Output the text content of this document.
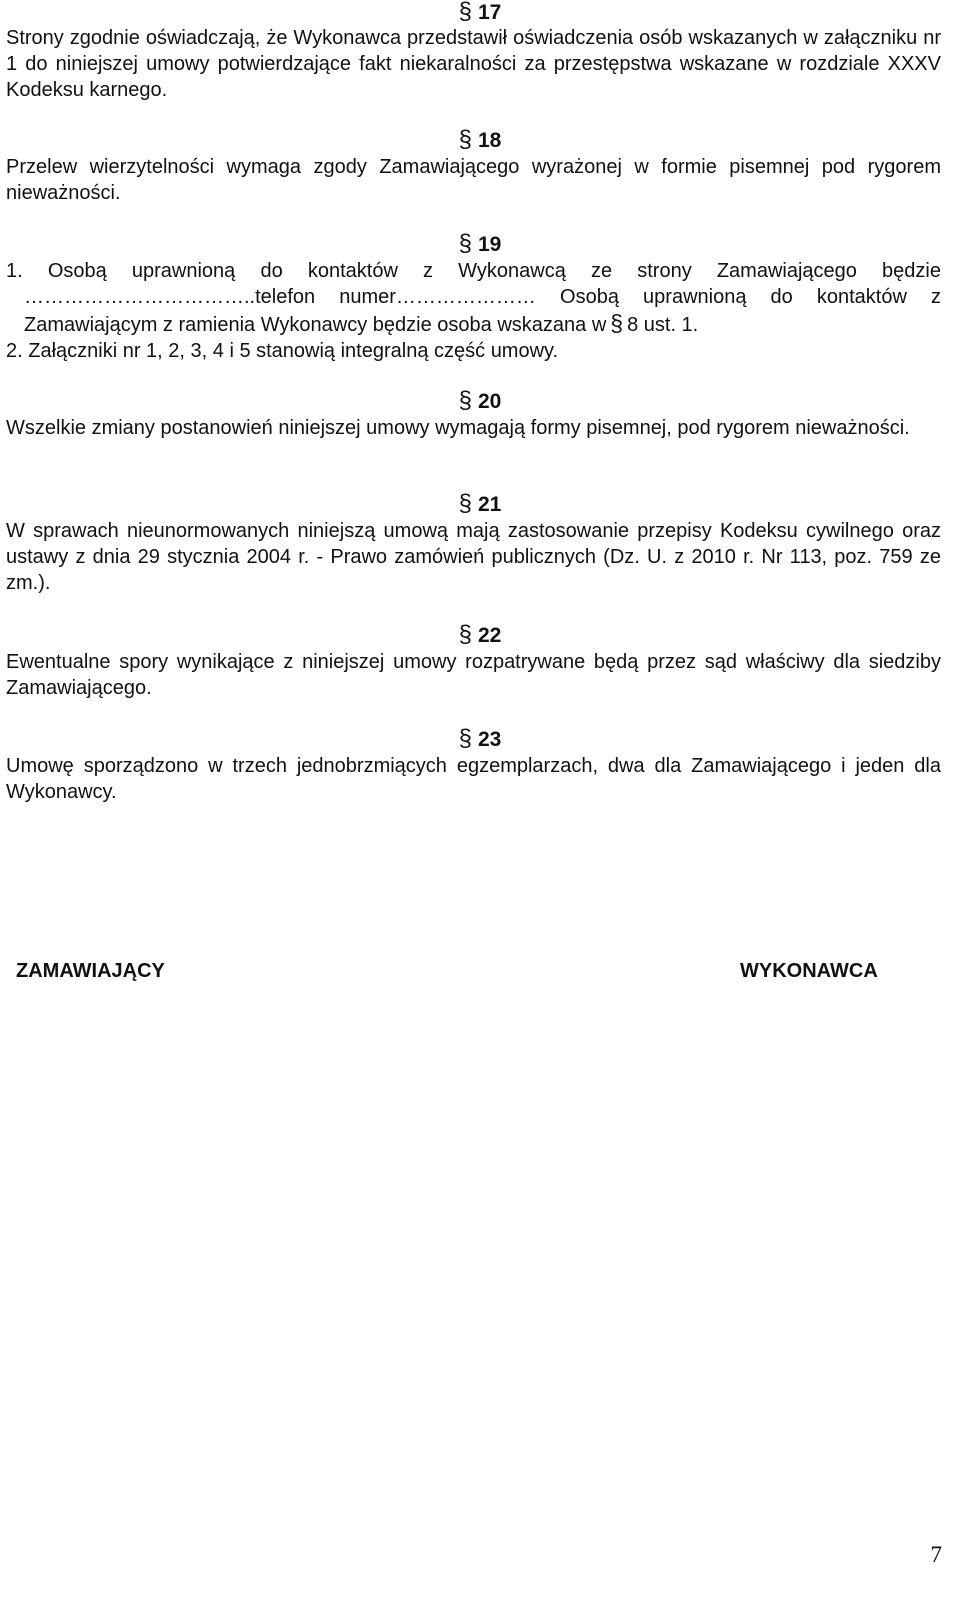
§ 17

Strony zgodnie oświadczają, że Wykonawca przedstawił oświadczenia osób wskazanych w załączniku nr 1 do niniejszej umowy potwierdzające fakt niekaralności za przestępstwa wskazane w rozdziale XXXV Kodeksu karnego.

§ 18

Przelew wierzytelności wymaga zgody Zamawiającego wyrażonej w formie pisemnej pod rygorem nieważności.

§ 19
1. Osobą uprawnioną do kontaktów z Wykonawcą ze strony Zamawiającego będzie ……………………………..telefon numer………………… Osobą uprawnioną do kontaktów z Zamawiającym z ramienia Wykonawcy będzie osoba wskazana w § 8 ust. 1.
2. Załączniki nr 1, 2, 3, 4 i 5 stanowią integralną część umowy.
§ 20

Wszelkie zmiany postanowień niniejszej umowy wymagają formy pisemnej, pod rygorem nieważności.

§ 21

W sprawach nieunormowanych niniejszą umową mają zastosowanie przepisy Kodeksu cywilnego oraz ustawy z dnia 29 stycznia 2004 r. - Prawo zamówień publicznych (Dz. U. z 2010 r. Nr 113, poz. 759 ze zm.).

§ 22

Ewentualne spory wynikające z niniejszej umowy rozpatrywane będą przez sąd właściwy dla siedziby Zamawiającego.

§ 23

Umowę sporządzono w trzech jednobrzmiących egzemplarzach, dwa dla Zamawiającego i jeden dla Wykonawcy.

ZAMAWIAJĄCY	WYKONAWCA
7
